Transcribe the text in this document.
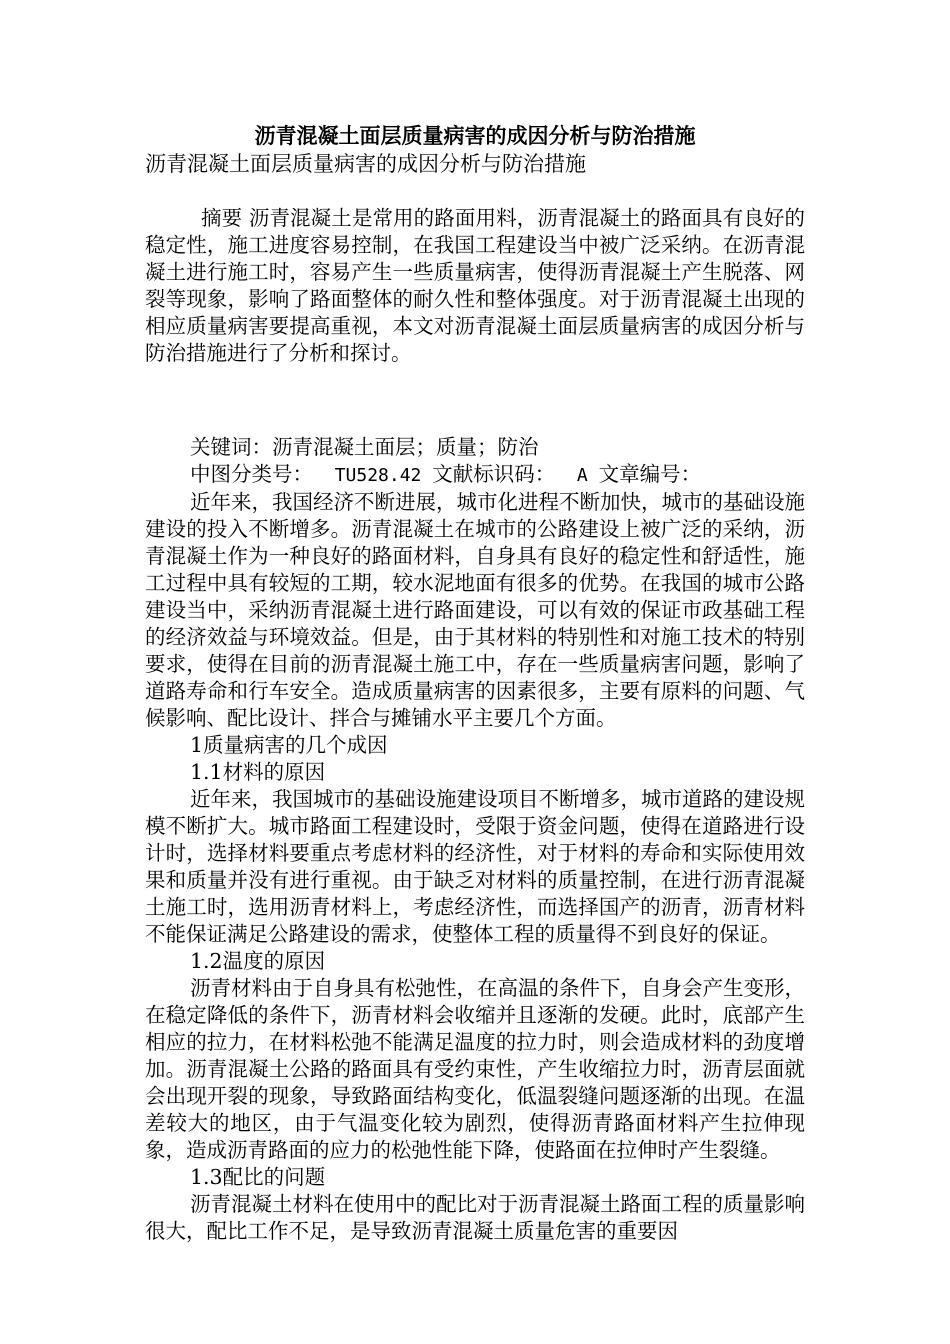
沥青混凝土面层质量病害的成因分析与防治措施

沥青混凝土面层质量病害的成因分析与防治措施

摘要 沥青混凝土是常用的路面用料，沥青混凝土的路面具有良好的稳定性，施工进度容易控制，在我国工程建设当中被广泛采纳。在沥青混凝土进行施工时，容易产生一些质量病害，使得沥青混凝土产生脱落、网裂等现象，影响了路面整体的耐久性和整体强度。对于沥青混凝土出现的相应质量病害要提高重视，本文对沥青混凝土面层质量病害的成因分析与防治措施进行了分析和探讨。

关键词：沥青混凝土面层；质量；防治

中图分类号： TU528.42 文献标识码： A 文章编号：

近年来，我国经济不断进展，城市化进程不断加快，城市的基础设施建设的投入不断增多。沥青混凝土在城市的公路建设上被广泛的采纳，沥青混凝土作为一种良好的路面材料，自身具有良好的稳定性和舒适性，施工过程中具有较短的工期，较水泥地面有很多的优势。在我国的城市公路建设当中，采纳沥青混凝土进行路面建设，可以有效的保证市政基础工程的经济效益与环境效益。但是，由于其材料的特别性和对施工技术的特别要求，使得在目前的沥青混凝土施工中，存在一些质量病害问题，影响了道路寿命和行车安全。造成质量病害的因素很多，主要有原料的问题、气候影响、配比设计、拌合与摊铺水平主要几个方面。

1质量病害的几个成因

1.1材料的原因

近年来，我国城市的基础设施建设项目不断增多，城市道路的建设规模不断扩大。城市路面工程建设时，受限于资金问题，使得在道路进行设计时，选择材料要重点考虑材料的经济性，对于材料的寿命和实际使用效果和质量并没有进行重视。由于缺乏对材料的质量控制，在进行沥青混凝土施工时，选用沥青材料上，考虑经济性，而选择国产的沥青，沥青材料不能保证满足公路建设的需求，使整体工程的质量得不到良好的保证。

1.2温度的原因

沥青材料由于自身具有松弛性，在高温的条件下，自身会产生变形，在稳定降低的条件下，沥青材料会收缩并且逐渐的发硬。此时，底部产生相应的拉力，在材料松弛不能满足温度的拉力时，则会造成材料的劲度增加。沥青混凝土公路的路面具有受约束性，产生收缩拉力时，沥青层面就会出现开裂的现象，导致路面结构变化，低温裂缝问题逐渐的出现。在温差较大的地区，由于气温变化较为剧烈，使得沥青路面材料产生拉伸现象，造成沥青路面的应力的松弛性能下降，使路面在拉伸时产生裂缝。

1.3配比的问题

沥青混凝土材料在使用中的配比对于沥青混凝土路面工程的质量影响很大，配比工作不足，是导致沥青混凝土质量危害的重要因
